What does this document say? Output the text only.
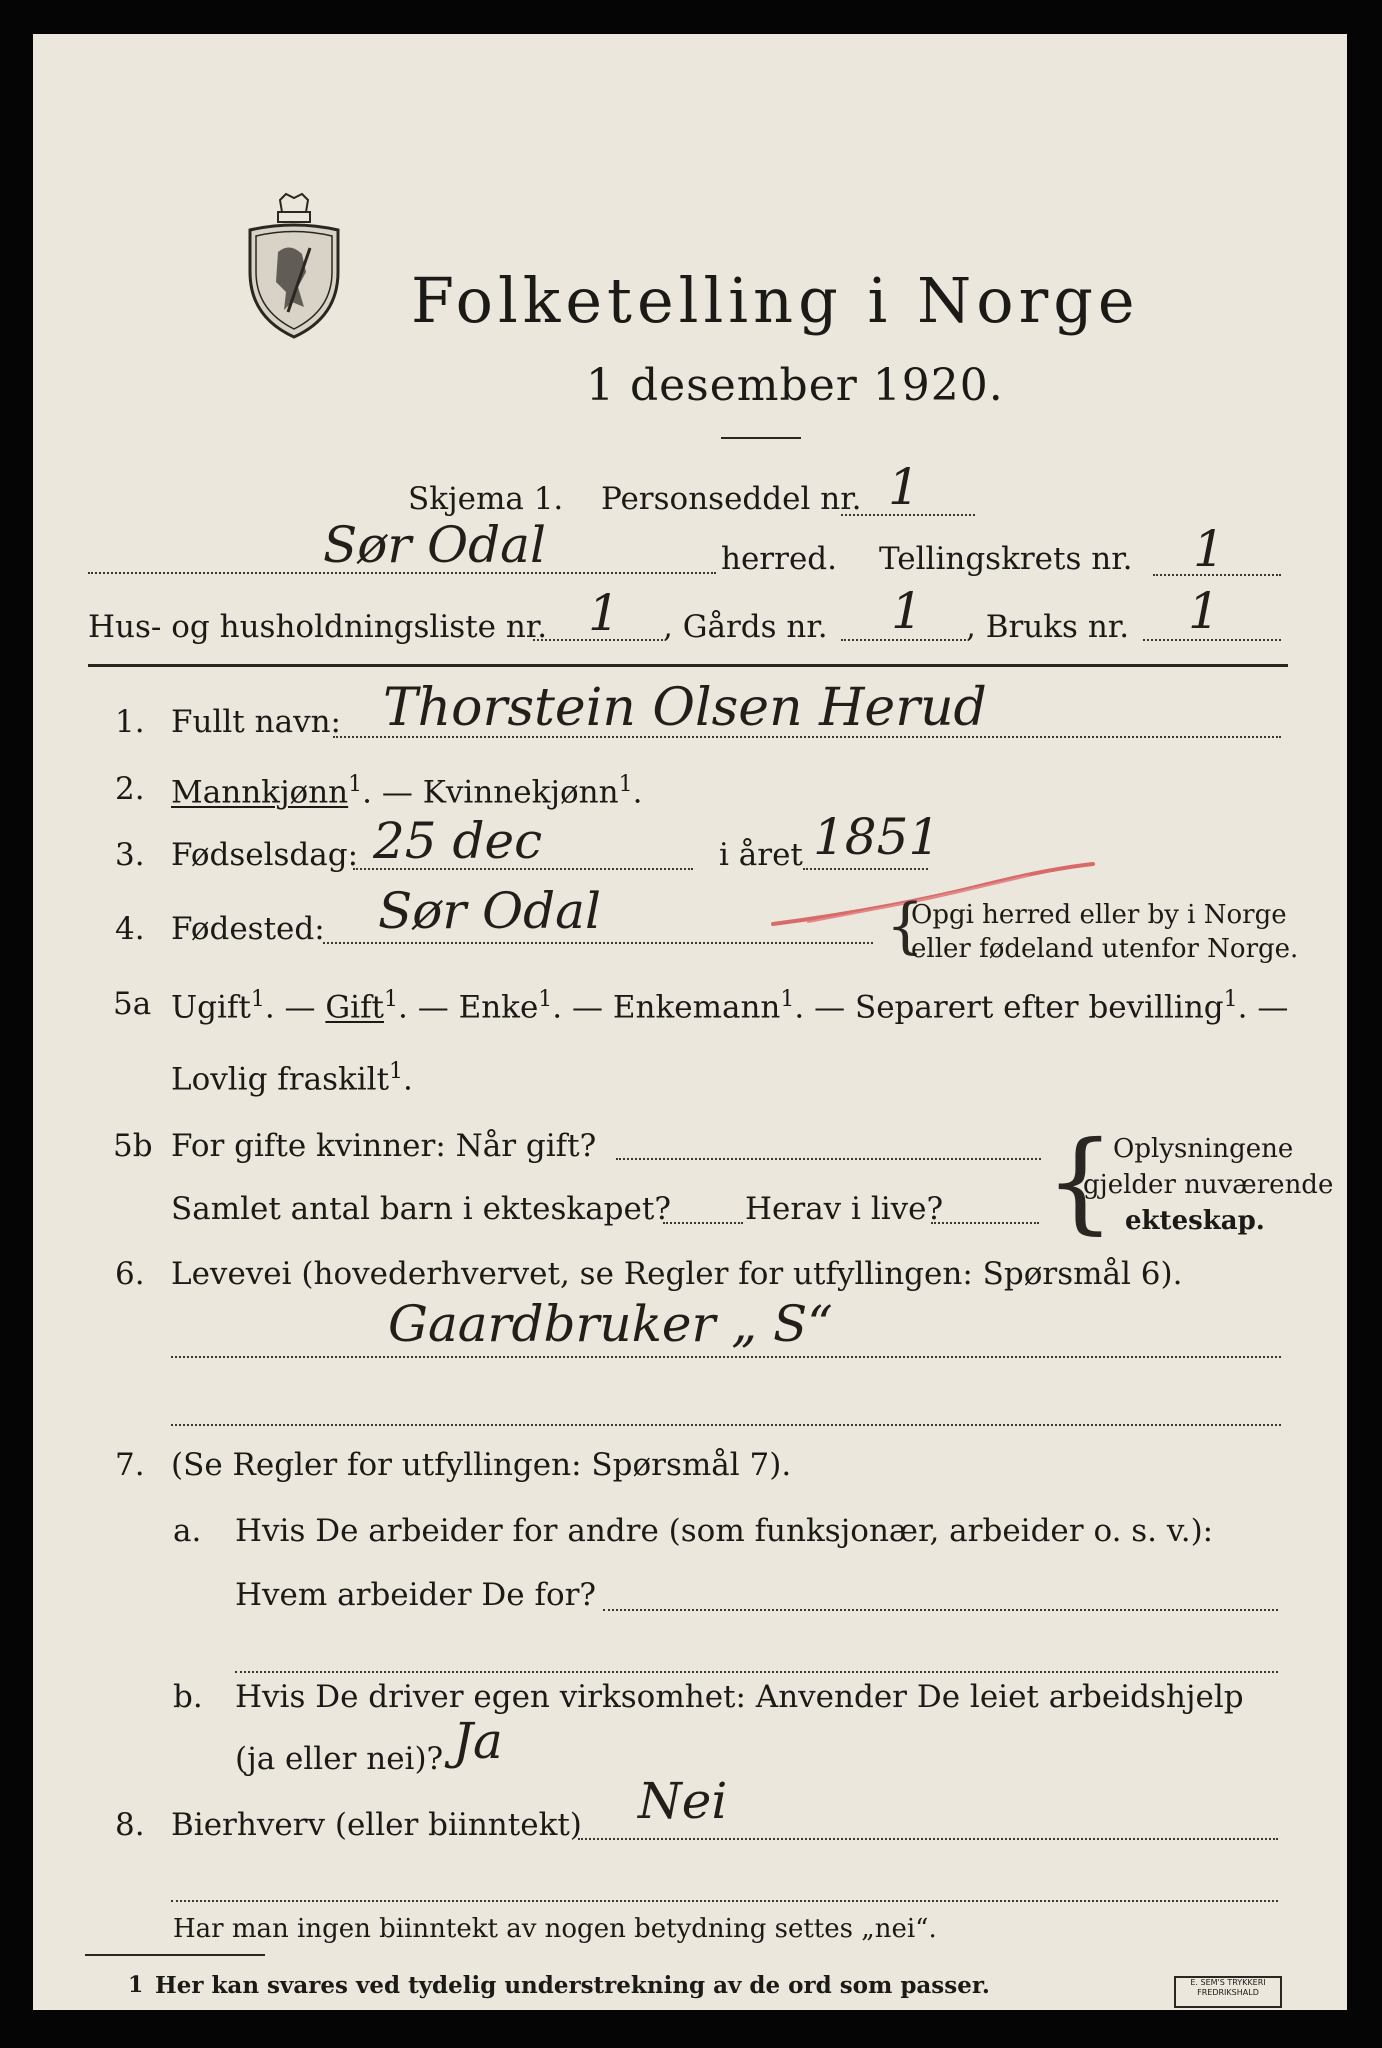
Folketelling i Norge
1 desember 1920.
Skjema 1. Personseddel nr. 1
Sør Odal	herred. Tellingskrets nr. 1
Hus- og husholdningsliste nr. 1 , Gårds nr. 1 , Bruks nr. 1
1. Fullt navn: Thorstein Olsen Herud
2. Mannkjønn$^1$. — Kvinnekjønn$^1$.
3. Fødselsdag: 25 dec	i året 1851
4. Fødested: Sør Odal	{
Opgi herred eller by i Norge
eller fødeland utenfor Norge.
5a Ugift$^1$. — Gift$^1$. — Enke$^1$. — Enkemann$^1$. — Separert efter bevilling$^1$. —
Lovlig fraskilt$^1$.
5b For gifte kvinner: Når gift?
Samlet antal barn i ekteskapet? Herav i live? {
Oplysningene
gjelder nuværende
ekteskap.
6. Levevei (hovederhvervet, se Regler for utfyllingen: Spørsmål 6).
Gaardbruker „ S“
7. (Se Regler for utfyllingen: Spørsmål 7).
a. Hvis De arbeider for andre (som funksjonær, arbeider o. s. v.):
Hvem arbeider De for?
b. Hvis De driver egen virksomhet: Anvender De leiet arbeidshjelp
(ja eller nei)? Ja
8. Bierhverv (eller biinntekt) Nei
Har man ingen biinntekt av nogen betydning settes „nei“.
1 Her kan svares ved tydelig understrekning av de ord som passer.	E. SEM'S TRYKKERI
FREDRIKSHALD
